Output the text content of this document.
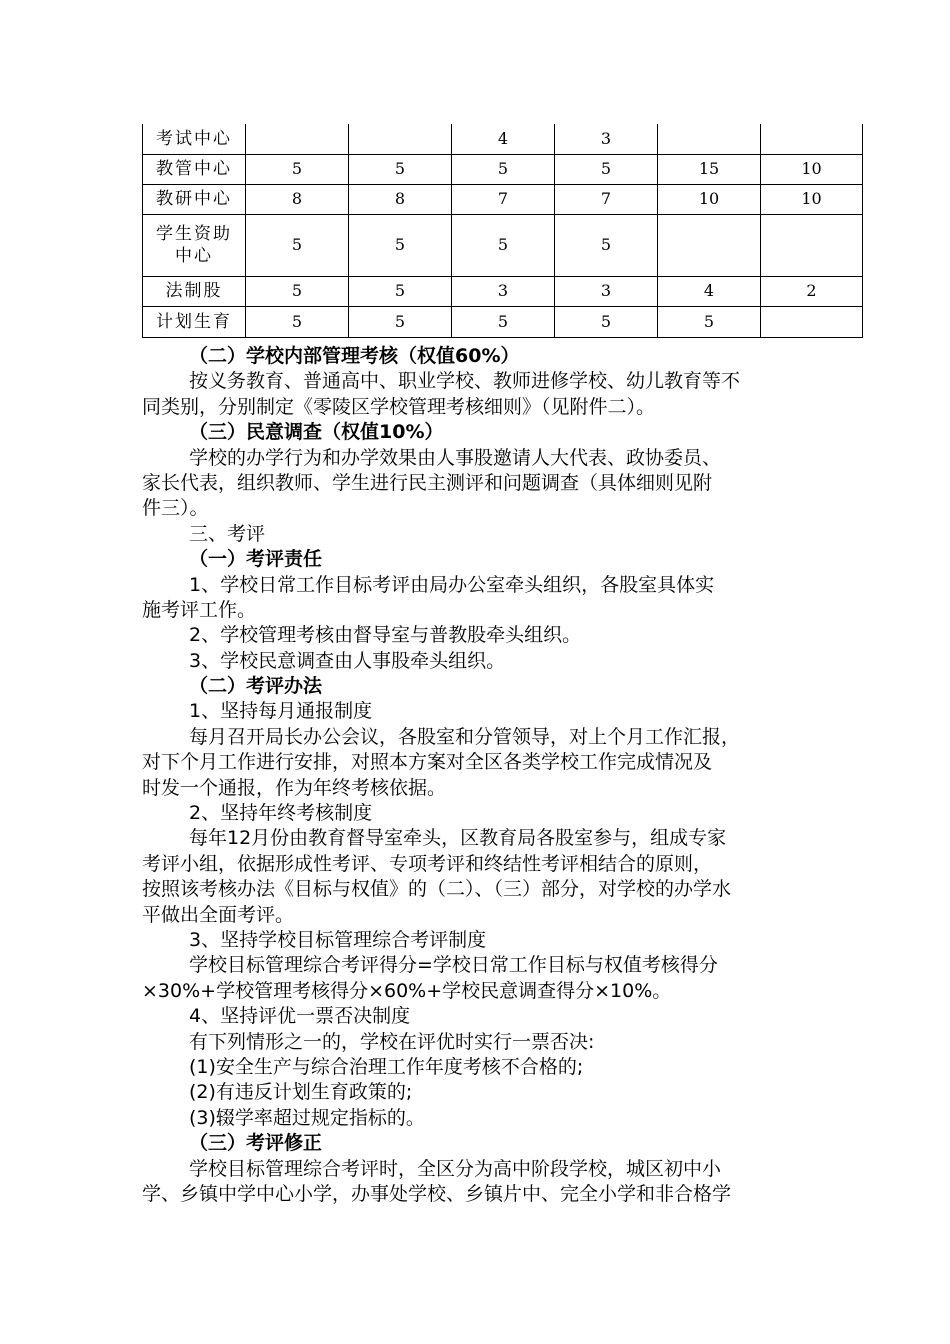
考试中心			4	3		
教管中心	5	5	5	5	15	10
教研中心	8	8	7	7	10	10

学生资助
中心	5	5	5	5		
法制股	5	5	3	3	4	2
计划生育	5	5	5	5	5	
（二）学校内部管理考核（权值60%）
按义务教育、普通高中、职业学校、教师进修学校、幼儿教育等不
同类别，分别制定《零陵区学校管理考核细则》（见附件二）。
（三）民意调查（权值10%）
学校的办学行为和办学效果由人事股邀请人大代表、政协委员、
家长代表，组织教师、学生进行民主测评和问题调查（具体细则见附
件三）。
三、考评
（一）考评责任
1、学校日常工作目标考评由局办公室牵头组织，各股室具体实
施考评工作。
2、学校管理考核由督导室与普教股牵头组织。
3、学校民意调查由人事股牵头组织。
（二）考评办法
1、坚持每月通报制度
每月召开局长办公会议，各股室和分管领导，对上个月工作汇报，
对下个月工作进行安排，对照本方案对全区各类学校工作完成情况及
时发一个通报，作为年终考核依据。
2、坚持年终考核制度
每年12月份由教育督导室牵头，区教育局各股室参与，组成专家
考评小组，依据形成性考评、专项考评和终结性考评相结合的原则，
按照该考核办法《目标与权值》的（二）、（三）部分，对学校的办学水
平做出全面考评。
3、坚持学校目标管理综合考评制度
学校目标管理综合考评得分=学校日常工作目标与权值考核得分
×30%+学校管理考核得分×60%+学校民意调查得分×10%。
4、坚持评优一票否决制度
有下列情形之一的，学校在评优时实行一票否决:
(1)安全生产与综合治理工作年度考核不合格的;
(2)有违反计划生育政策的;
(3)辍学率超过规定指标的。
（三）考评修正
学校目标管理综合考评时，全区分为高中阶段学校，城区初中小
学、乡镇中学中心小学，办事处学校、乡镇片中、完全小学和非合格学
